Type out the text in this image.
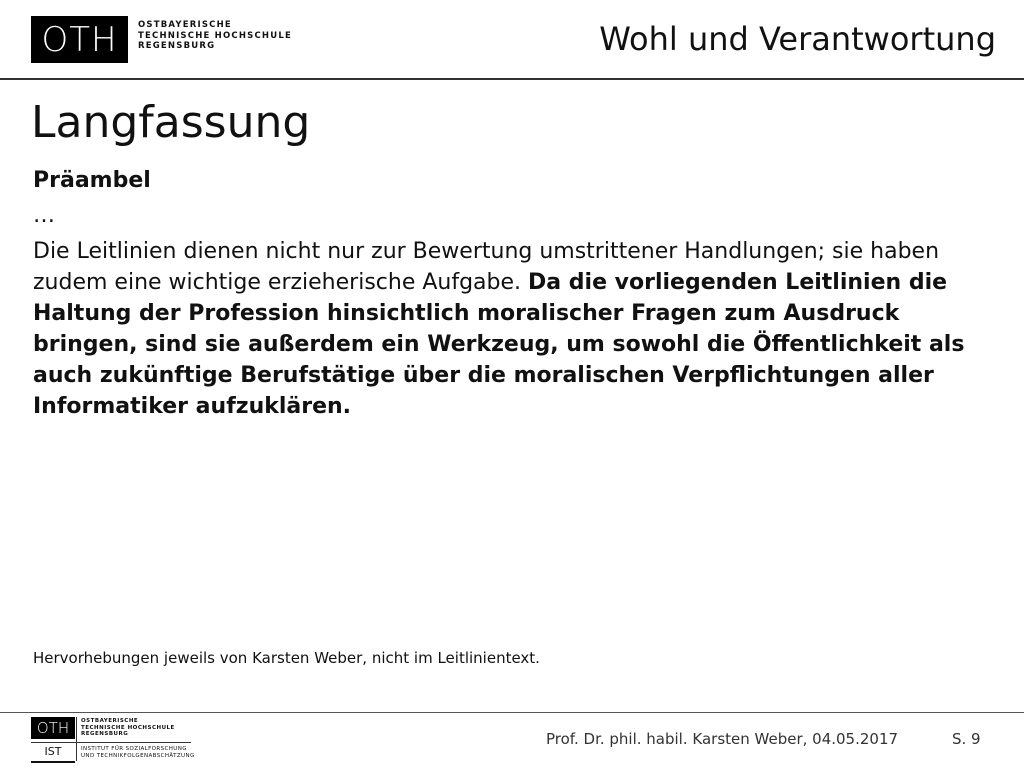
OTH	OSTBAYERISCHE
TECHNISCHE HOCHSCHULE
REGENSBURG	Wohl und Verantwortung
Langfassung
Präambel
…
Die Leitlinien dienen nicht nur zur Bewertung umstrittener Handlungen; sie haben zudem eine wichtige erzieherische Aufgabe. Da die vorliegenden Leitlinien die Haltung der Profession hinsichtlich moralischer Fragen zum Ausdruck bringen, sind sie außerdem ein Werkzeug, um sowohl die Öffentlichkeit als auch zukünftige Berufstätige über die moralischen Verpflichtungen aller Informatiker aufzuklären.
Hervorhebungen jeweils von Karsten Weber, nicht im Leitlinientext.
OTH	OSTBAYERISCHE
TECHNISCHE HOCHSCHULE
REGENSBURG
IST	INSTITUT FÜR SOZIALFORSCHUNG
UND TECHNIKFOLGENABSCHÄTZUNG
Prof. Dr. phil. habil. Karsten Weber, 04.05.2017	S. 9
